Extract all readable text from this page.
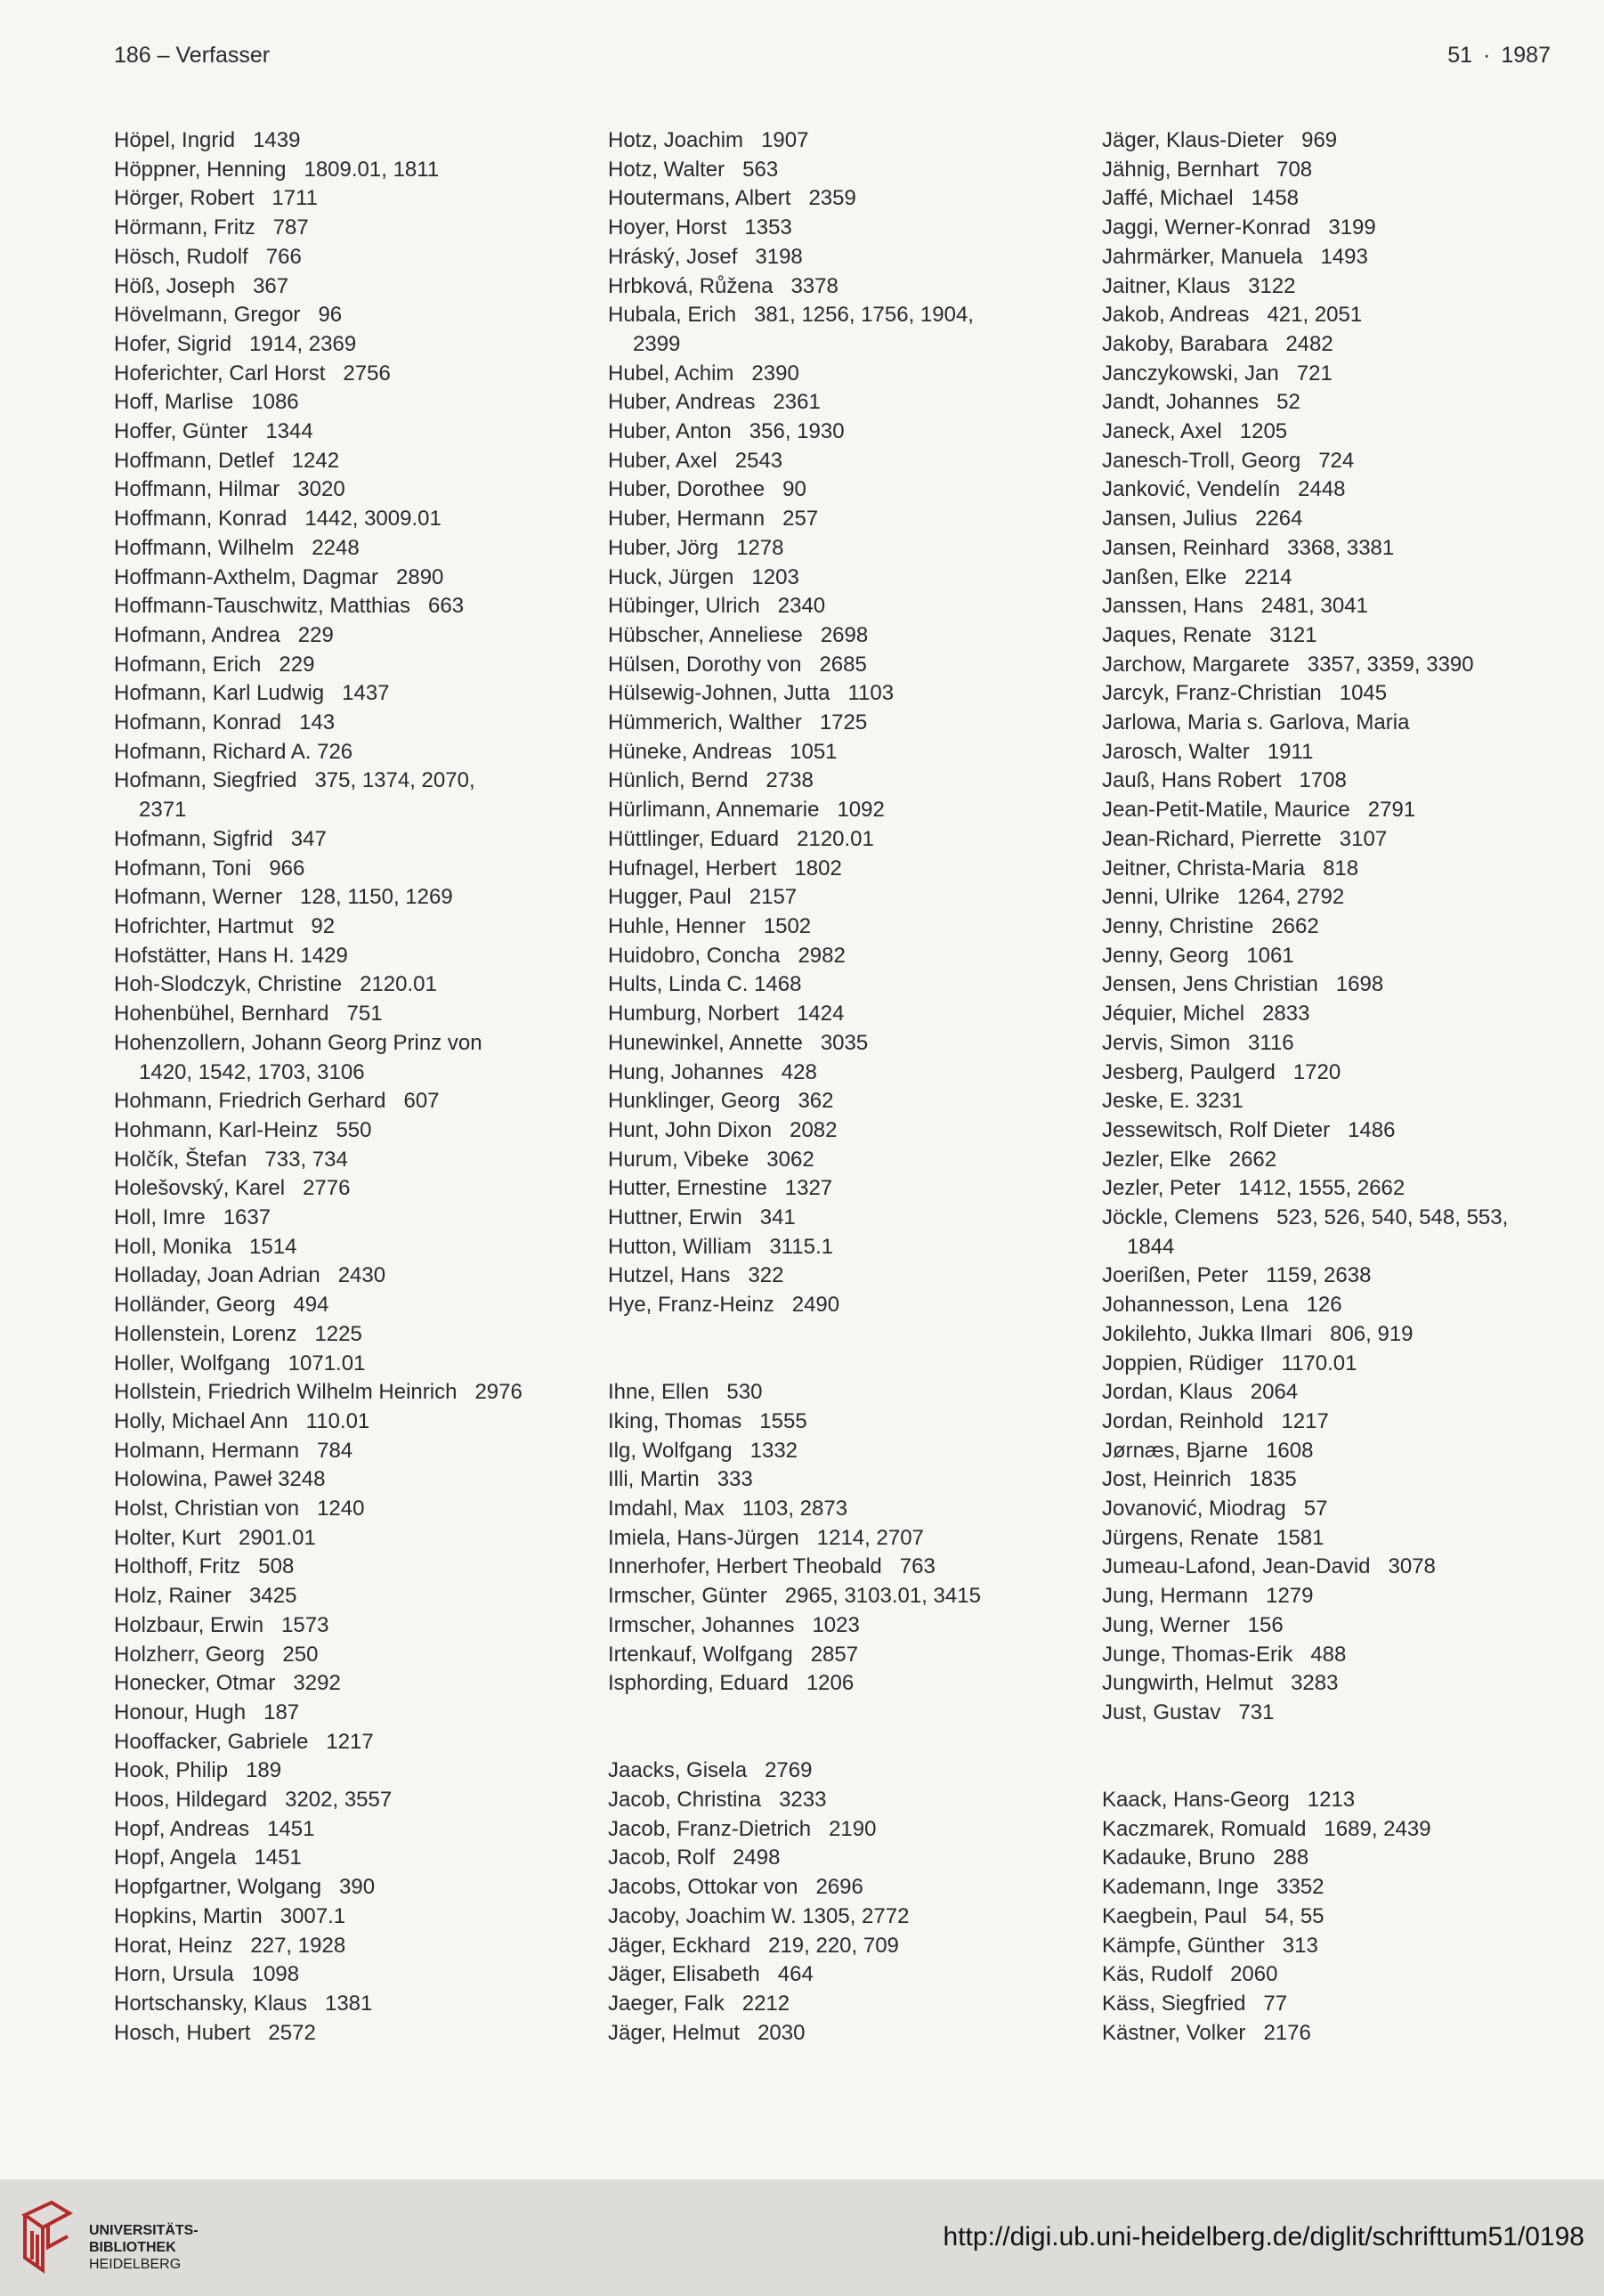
186 – Verfasser	51 · 1987
Höpel, Ingrid 1439
Höppner, Henning 1809.01, 1811
Hörger, Robert 1711
Hörmann, Fritz 787
Hösch, Rudolf 766
Höß, Joseph 367
Hövelmann, Gregor 96
Hofer, Sigrid 1914, 2369
Hoferichter, Carl Horst 2756
Hoff, Marlise 1086
Hoffer, Günter 1344
Hoffmann, Detlef 1242
Hoffmann, Hilmar 3020
Hoffmann, Konrad 1442, 3009.01
Hoffmann, Wilhelm 2248
Hoffmann-Axthelm, Dagmar 2890
Hoffmann-Tauschwitz, Matthias 663
Hofmann, Andrea 229
Hofmann, Erich 229
Hofmann, Karl Ludwig 1437
Hofmann, Konrad 143
Hofmann, Richard A. 726
Hofmann, Siegfried 375, 1374, 2070,
2371
Hofmann, Sigfrid 347
Hofmann, Toni 966
Hofmann, Werner 128, 1150, 1269
Hofrichter, Hartmut 92
Hofstätter, Hans H. 1429
Hoh-Slodczyk, Christine 2120.01
Hohenbühel, Bernhard 751
Hohenzollern, Johann Georg Prinz von
1420, 1542, 1703, 3106
Hohmann, Friedrich Gerhard 607
Hohmann, Karl-Heinz 550
Holčík, Štefan 733, 734
Holešovský, Karel 2776
Holl, Imre 1637
Holl, Monika 1514
Holladay, Joan Adrian 2430
Holländer, Georg 494
Hollenstein, Lorenz 1225
Holler, Wolfgang 1071.01
Hollstein, Friedrich Wilhelm Heinrich 2976
Holly, Michael Ann 110.01
Holmann, Hermann 784
Holowina, Paweł 3248
Holst, Christian von 1240
Holter, Kurt 2901.01
Holthoff, Fritz 508
Holz, Rainer 3425
Holzbaur, Erwin 1573
Holzherr, Georg 250
Honecker, Otmar 3292
Honour, Hugh 187
Hooffacker, Gabriele 1217
Hook, Philip 189
Hoos, Hildegard 3202, 3557
Hopf, Andreas 1451
Hopf, Angela 1451
Hopfgartner, Wolgang 390
Hopkins, Martin 3007.1
Horat, Heinz 227, 1928
Horn, Ursula 1098
Hortschansky, Klaus 1381
Hosch, Hubert 2572
Hotz, Joachim 1907
Hotz, Walter 563
Houtermans, Albert 2359
Hoyer, Horst 1353
Hráský, Josef 3198
Hrbková, Růžena 3378
Hubala, Erich 381, 1256, 1756, 1904,
2399
Hubel, Achim 2390
Huber, Andreas 2361
Huber, Anton 356, 1930
Huber, Axel 2543
Huber, Dorothee 90
Huber, Hermann 257
Huber, Jörg 1278
Huck, Jürgen 1203
Hübinger, Ulrich 2340
Hübscher, Anneliese 2698
Hülsen, Dorothy von 2685
Hülsewig-Johnen, Jutta 1103
Hümmerich, Walther 1725
Hüneke, Andreas 1051
Hünlich, Bernd 2738
Hürlimann, Annemarie 1092
Hüttlinger, Eduard 2120.01
Hufnagel, Herbert 1802
Hugger, Paul 2157
Huhle, Henner 1502
Huidobro, Concha 2982
Hults, Linda C. 1468
Humburg, Norbert 1424
Hunewinkel, Annette 3035
Hung, Johannes 428
Hunklinger, Georg 362
Hunt, John Dixon 2082
Hurum, Vibeke 3062
Hutter, Ernestine 1327
Huttner, Erwin 341
Hutton, William 3115.1
Hutzel, Hans 322
Hye, Franz-Heinz 2490
Ihne, Ellen 530
Iking, Thomas 1555
Ilg, Wolfgang 1332
Illi, Martin 333
Imdahl, Max 1103, 2873
Imiela, Hans-Jürgen 1214, 2707
Innerhofer, Herbert Theobald 763
Irmscher, Günter 2965, 3103.01, 3415
Irmscher, Johannes 1023
Irtenkauf, Wolfgang 2857
Isphording, Eduard 1206
Jaacks, Gisela 2769
Jacob, Christina 3233
Jacob, Franz-Dietrich 2190
Jacob, Rolf 2498
Jacobs, Ottokar von 2696
Jacoby, Joachim W. 1305, 2772
Jäger, Eckhard 219, 220, 709
Jäger, Elisabeth 464
Jaeger, Falk 2212
Jäger, Helmut 2030
Jäger, Klaus-Dieter 969
Jähnig, Bernhart 708
Jaffé, Michael 1458
Jaggi, Werner-Konrad 3199
Jahrmärker, Manuela 1493
Jaitner, Klaus 3122
Jakob, Andreas 421, 2051
Jakoby, Barabara 2482
Janczykowski, Jan 721
Jandt, Johannes 52
Janeck, Axel 1205
Janesch-Troll, Georg 724
Janković, Vendelín 2448
Jansen, Julius 2264
Jansen, Reinhard 3368, 3381
Janßen, Elke 2214
Janssen, Hans 2481, 3041
Jaques, Renate 3121
Jarchow, Margarete 3357, 3359, 3390
Jarcyk, Franz-Christian 1045
Jarlowa, Maria s. Garlova, Maria
Jarosch, Walter 1911
Jauß, Hans Robert 1708
Jean-Petit-Matile, Maurice 2791
Jean-Richard, Pierrette 3107
Jeitner, Christa-Maria 818
Jenni, Ulrike 1264, 2792
Jenny, Christine 2662
Jenny, Georg 1061
Jensen, Jens Christian 1698
Jéquier, Michel 2833
Jervis, Simon 3116
Jesberg, Paulgerd 1720
Jeske, E. 3231
Jessewitsch, Rolf Dieter 1486
Jezler, Elke 2662
Jezler, Peter 1412, 1555, 2662
Jöckle, Clemens 523, 526, 540, 548, 553,
1844
Joerißen, Peter 1159, 2638
Johannesson, Lena 126
Jokilehto, Jukka Ilmari 806, 919
Joppien, Rüdiger 1170.01
Jordan, Klaus 2064
Jordan, Reinhold 1217
Jørnæs, Bjarne 1608
Jost, Heinrich 1835
Jovanović, Miodrag 57
Jürgens, Renate 1581
Jumeau-Lafond, Jean-David 3078
Jung, Hermann 1279
Jung, Werner 156
Junge, Thomas-Erik 488
Jungwirth, Helmut 3283
Just, Gustav 731
Kaack, Hans-Georg 1213
Kaczmarek, Romuald 1689, 2439
Kadauke, Bruno 288
Kademann, Inge 3352
Kaegbein, Paul 54, 55
Kämpfe, Günther 313
Käs, Rudolf 2060
Käss, Siegfried 77
Kästner, Volker 2176
UNIVERSITÄTS-
BIBLIOTHEK
HEIDELBERG
http://digi.ub.uni-heidelberg.de/diglit/schrifttum51/0198
